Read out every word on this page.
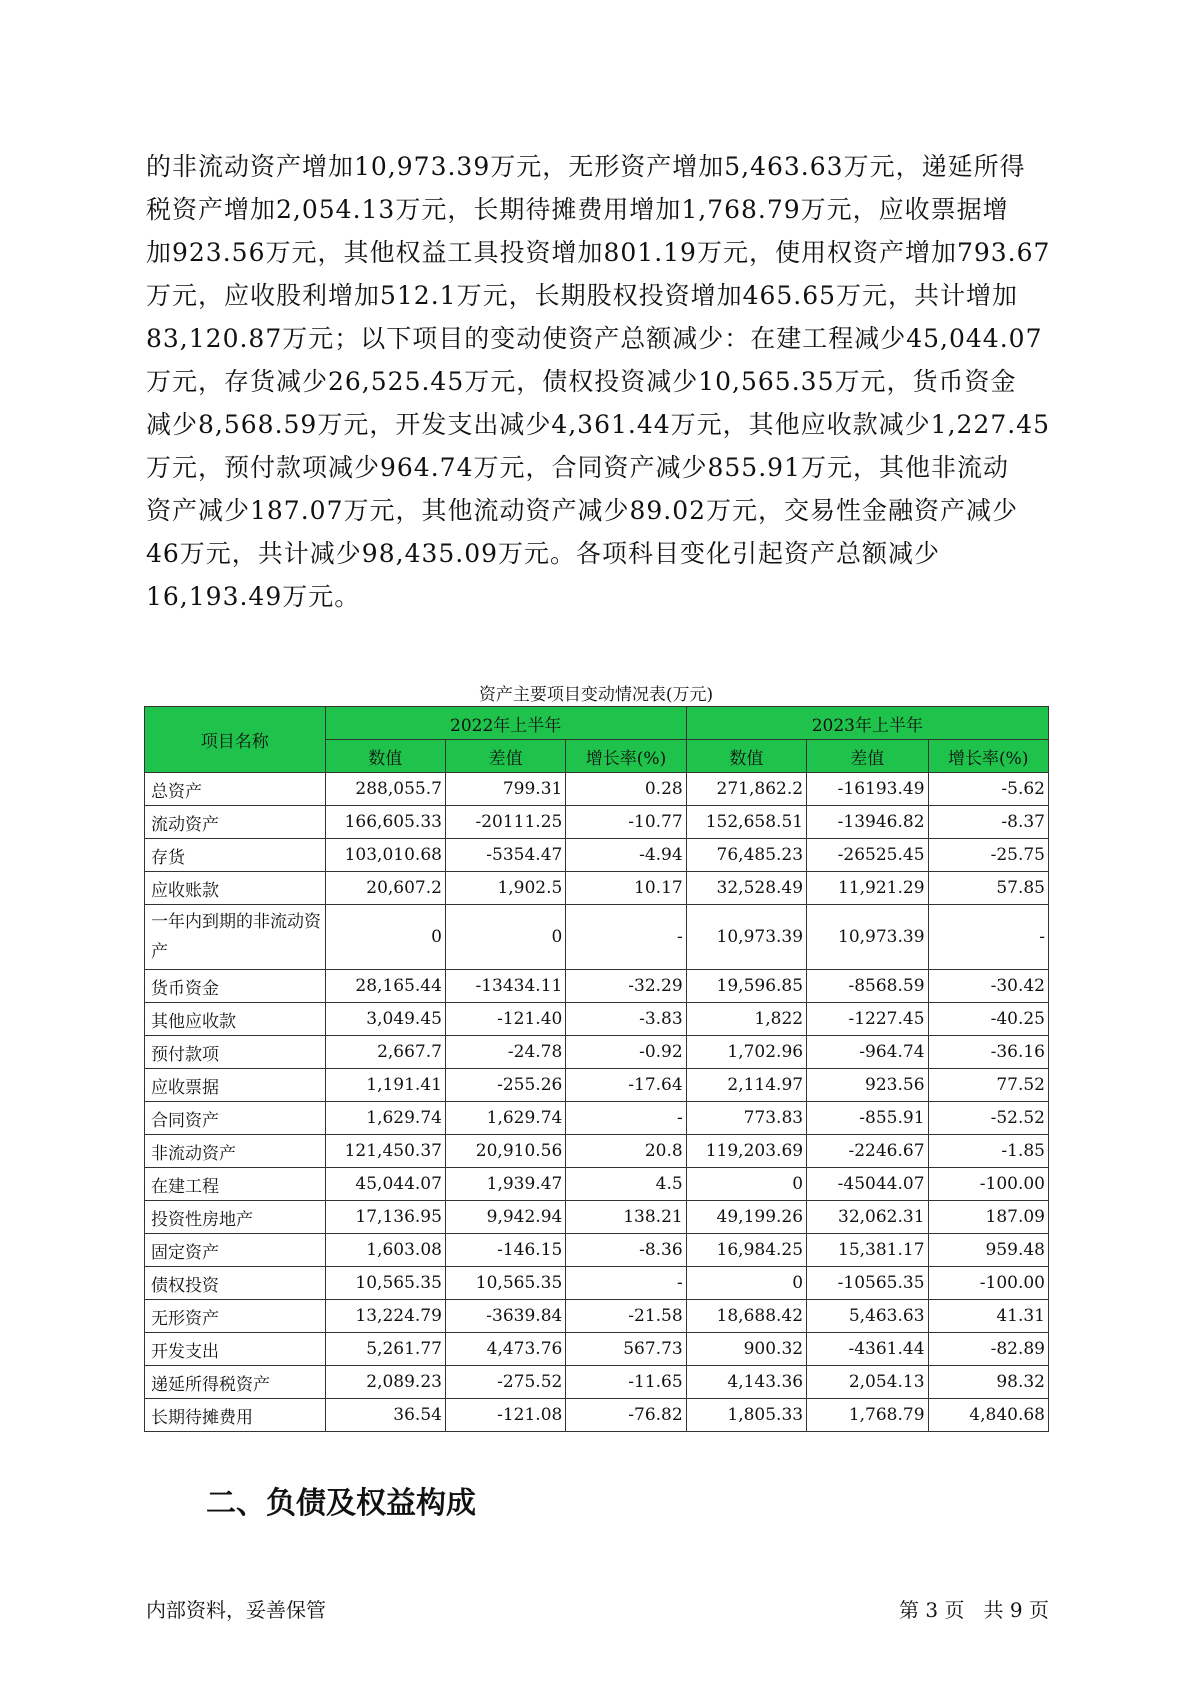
的非流动资产增加10,973.39万元，无形资产增加5,463.63万元，递延所得

税资产增加2,054.13万元，长期待摊费用增加1,768.79万元，应收票据增

加923.56万元，其他权益工具投资增加801.19万元，使用权资产增加793.67

万元，应收股利增加512.1万元，长期股权投资增加465.65万元，共计增加

83,120.87万元；以下项目的变动使资产总额减少：在建工程减少45,044.07

万元，存货减少26,525.45万元，债权投资减少10,565.35万元，货币资金

减少8,568.59万元，开发支出减少4,361.44万元，其他应收款减少1,227.45

万元，预付款项减少964.74万元，合同资产减少855.91万元，其他非流动

资产减少187.07万元，其他流动资产减少89.02万元，交易性金融资产减少

46万元，共计减少98,435.09万元。各项科目变化引起资产总额减少

16,193.49万元。

资产主要项目变动情况表(万元)
项目名称	2022年上半年			2023年上半年		
	数值	差值	增长率(%)	数值	差值	增长率(%)
总资产	288,055.7	799.31	0.28	271,862.2	-16193.49	-5.62
流动资产	166,605.33	-20111.25	-10.77	152,658.51	-13946.82	-8.37
存货	103,010.68	-5354.47	-4.94	76,485.23	-26525.45	-25.75
应收账款	20,607.2	1,902.5	10.17	32,528.49	11,921.29	57.85
一年内到期的非流动资产	0	0	-	10,973.39	10,973.39	-
货币资金	28,165.44	-13434.11	-32.29	19,596.85	-8568.59	-30.42
其他应收款	3,049.45	-121.40	-3.83	1,822	-1227.45	-40.25
预付款项	2,667.7	-24.78	-0.92	1,702.96	-964.74	-36.16
应收票据	1,191.41	-255.26	-17.64	2,114.97	923.56	77.52
合同资产	1,629.74	1,629.74	-	773.83	-855.91	-52.52
非流动资产	121,450.37	20,910.56	20.8	119,203.69	-2246.67	-1.85
在建工程	45,044.07	1,939.47	4.5	0	-45044.07	-100.00
投资性房地产	17,136.95	9,942.94	138.21	49,199.26	32,062.31	187.09
固定资产	1,603.08	-146.15	-8.36	16,984.25	15,381.17	959.48
债权投资	10,565.35	10,565.35	-	0	-10565.35	-100.00
无形资产	13,224.79	-3639.84	-21.58	18,688.42	5,463.63	41.31
开发支出	5,261.77	4,473.76	567.73	900.32	-4361.44	-82.89
递延所得税资产	2,089.23	-275.52	-11.65	4,143.36	2,054.13	98.32
长期待摊费用	36.54	-121.08	-76.82	1,805.33	1,768.79	4,840.68
二、负债及权益构成
内部资料，妥善保管	第 3 页   共 9 页
